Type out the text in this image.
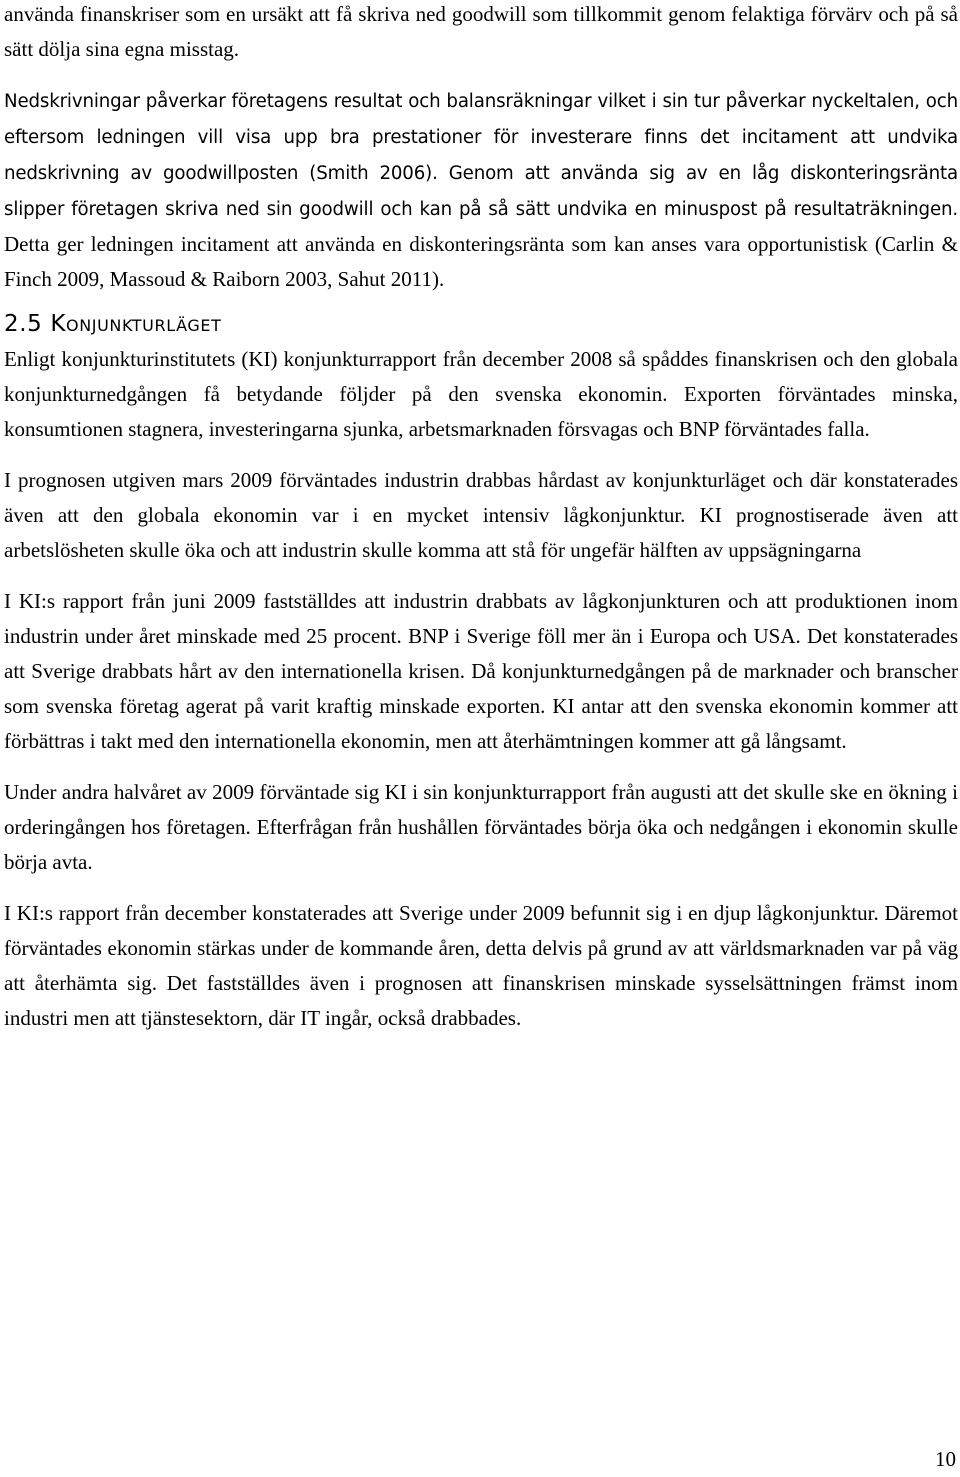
använda finanskriser som en ursäkt att få skriva ned goodwill som tillkommit genom felaktiga förvärv och på så sätt dölja sina egna misstag.

Nedskrivningar påverkar företagens resultat och balansräkningar vilket i sin tur påverkar nyckeltalen, och eftersom ledningen vill visa upp bra prestationer för investerare finns det incitament att undvika nedskrivning av goodwillposten (Smith 2006). Genom att använda sig av en låg diskonteringsränta slipper företagen skriva ned sin goodwill och kan på så sätt undvika en minuspost på resultaträkningen. Detta ger ledningen incitament att använda en diskonteringsränta som kan anses vara opportunistisk (Carlin & Finch 2009, Massoud & Raiborn 2003, Sahut 2011).

2.5 Konjunkturläget

Enligt konjunkturinstitutets (KI) konjunkturrapport från december 2008 så spåddes finanskrisen och den globala konjunkturnedgången få betydande följder på den svenska ekonomin. Exporten förväntades minska, konsumtionen stagnera, investeringarna sjunka, arbetsmarknaden försvagas och BNP förväntades falla.

I prognosen utgiven mars 2009 förväntades industrin drabbas hårdast av konjunkturläget och där konstaterades även att den globala ekonomin var i en mycket intensiv lågkonjunktur. KI prognostiserade även att arbetslösheten skulle öka och att industrin skulle komma att stå för ungefär hälften av uppsägningarna

I KI:s rapport från juni 2009 fastställdes att industrin drabbats av lågkonjunkturen och att produktionen inom industrin under året minskade med 25 procent. BNP i Sverige föll mer än i Europa och USA. Det konstaterades att Sverige drabbats hårt av den internationella krisen. Då konjunkturnedgången på de marknader och branscher som svenska företag agerat på varit kraftig minskade exporten. KI antar att den svenska ekonomin kommer att förbättras i takt med den internationella ekonomin, men att återhämtningen kommer att gå långsamt.

Under andra halvåret av 2009 förväntade sig KI i sin konjunkturrapport från augusti att det skulle ske en ökning i orderingången hos företagen. Efterfrågan från hushållen förväntades börja öka och nedgången i ekonomin skulle börja avta.

I KI:s rapport från december konstaterades att Sverige under 2009 befunnit sig i en djup lågkonjunktur. Däremot förväntades ekonomin stärkas under de kommande åren, detta delvis på grund av att världsmarknaden var på väg att återhämta sig. Det fastställdes även i prognosen att finanskrisen minskade sysselsättningen främst inom industri men att tjänstesektorn, där IT ingår, också drabbades.

10
